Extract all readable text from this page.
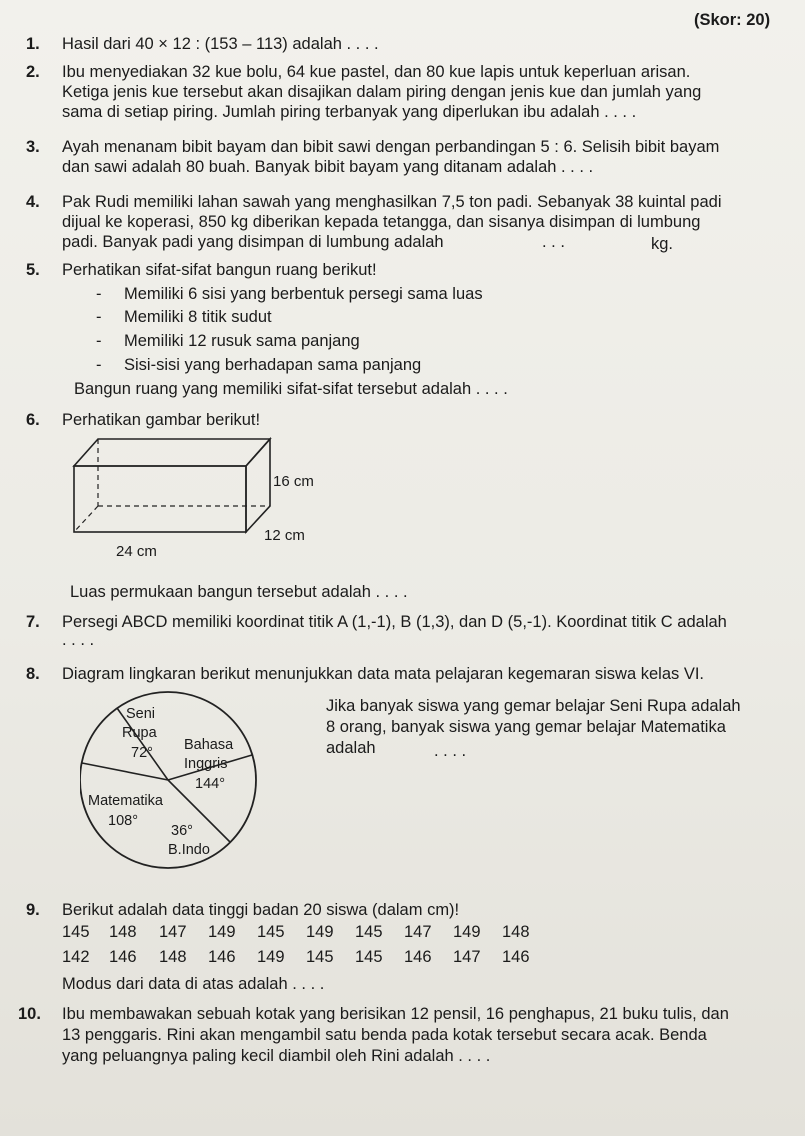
(Skor: 20)
1. Hasil dari 40 × 12 : (153 – 113) adalah . . . .
2. Ibu menyediakan 32 kue bolu, 64 kue pastel, dan 80 kue lapis untuk keperluan arisan.
Ketiga jenis kue tersebut akan disajikan dalam piring dengan jenis kue dan jumlah yang
sama di setiap piring. Jumlah piring terbanyak yang diperlukan ibu adalah . . . .
3. Ayah menanam bibit bayam dan bibit sawi dengan perbandingan 5 : 6. Selisih bibit bayam
dan sawi adalah 80 buah. Banyak bibit bayam yang ditanam adalah . . . .
4. Pak Rudi memiliki lahan sawah yang menghasilkan 7,5 ton padi. Sebanyak 38 kuintal padi
dijual ke koperasi, 850 kg diberikan kepada tetangga, dan sisanya disimpan di lumbung
padi. Banyak padi yang disimpan di lumbung adalah	. . .	kg.
5. Perhatikan sifat-sifat bangun ruang berikut!
- Memiliki 6 sisi yang berbentuk persegi sama luas
- Memiliki 8 titik sudut
- Memiliki 12 rusuk sama panjang
- Sisi-sisi yang berhadapan sama panjang
Bangun ruang yang memiliki sifat-sifat tersebut adalah . . . .
6. Perhatikan gambar berikut!
16 cm
12 cm
24 cm
Luas permukaan bangun tersebut adalah . . . .
7. Persegi ABCD memiliki koordinat titik A (1,-1), B (1,3), dan D (5,-1). Koordinat titik C adalah
. . . .
8. Diagram lingkaran berikut menunjukkan data mata pelajaran kegemaran siswa kelas VI.
Seni
Rupa
72° Bahasa
Inggris
144°
Matematika
108°
36°
B.Indo
Jika banyak siswa yang gemar belajar Seni Rupa adalah
8 orang, banyak siswa yang gemar belajar Matematika
adalah	. . . .
9. Berikut adalah data tinggi badan 20 siswa (dalam cm)!
145 148 147 149 145 149 145 147 149 148
142 146 148 146 149 145 145 146 147 146
Modus dari data di atas adalah . . . .
10. Ibu membawakan sebuah kotak yang berisikan 12 pensil, 16 penghapus, 21 buku tulis, dan
13 penggaris. Rini akan mengambil satu benda pada kotak tersebut secara acak. Benda
yang peluangnya paling kecil diambil oleh Rini adalah . . . .
